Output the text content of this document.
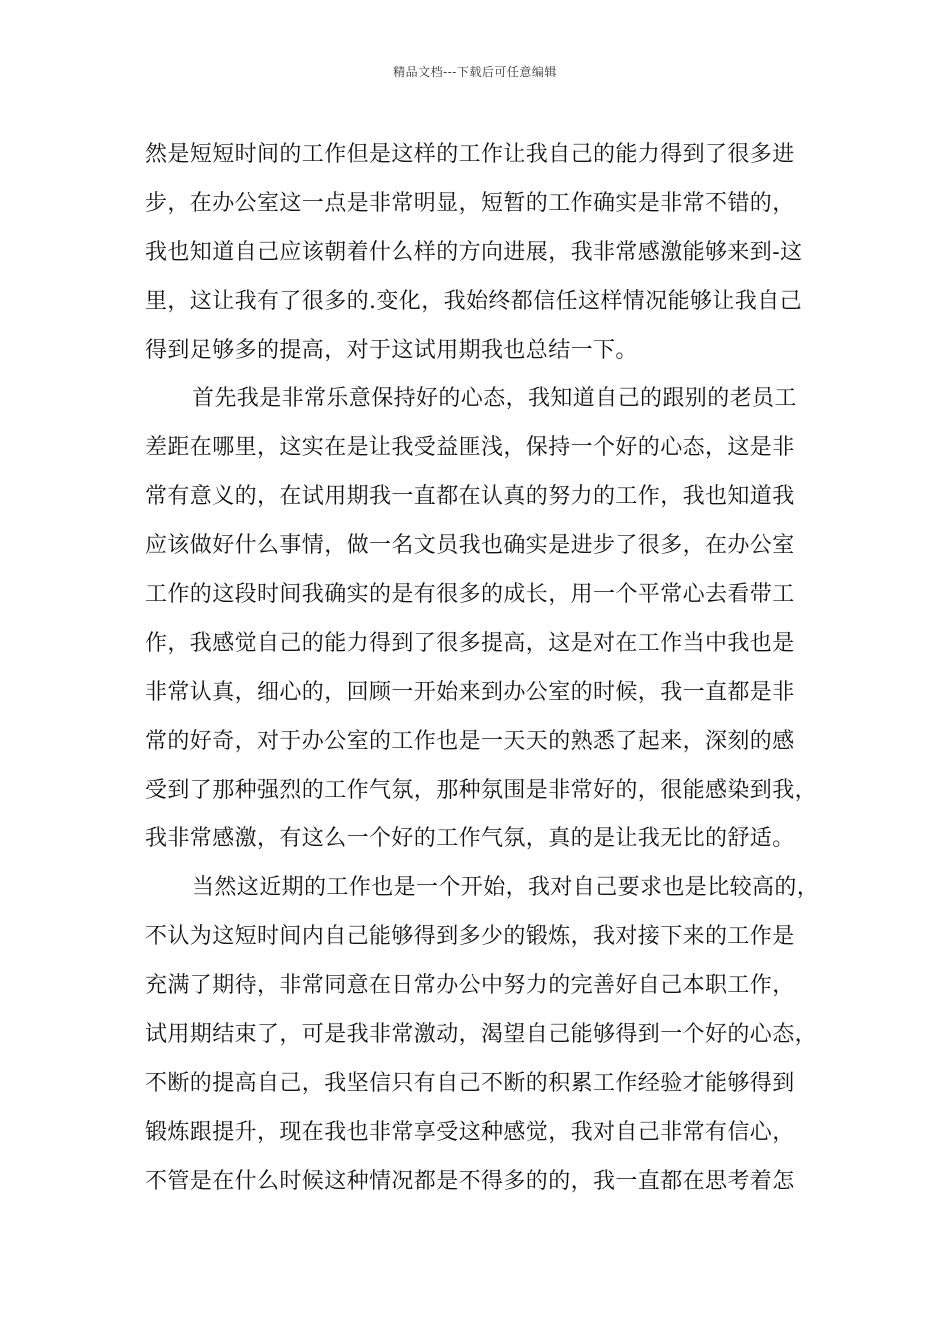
精品文档---下载后可任意编辑
然是短短时间的工作但是这样的工作让我自己的能力得到了很多进
步，在办公室这一点是非常明显，短暂的工作确实是非常不错的，
我也知道自己应该朝着什么样的方向进展，我非常感激能够来到-这
里，这让我有了很多的.变化，我始终都信任这样情况能够让我自己
得到足够多的提高，对于这试用期我也总结一下。
首先我是非常乐意保持好的心态，我知道自己的跟别的老员工
差距在哪里，这实在是让我受益匪浅，保持一个好的心态，这是非
常有意义的，在试用期我一直都在认真的努力的工作，我也知道我
应该做好什么事情，做一名文员我也确实是进步了很多，在办公室
工作的这段时间我确实的是有很多的成长，用一个平常心去看带工
作，我感觉自己的能力得到了很多提高，这是对在工作当中我也是
非常认真，细心的，回顾一开始来到办公室的时候，我一直都是非
常的好奇，对于办公室的工作也是一天天的熟悉了起来，深刻的感
受到了那种强烈的工作气氛，那种氛围是非常好的，很能感染到我，
我非常感激，有这么一个好的工作气氛，真的是让我无比的舒适。
当然这近期的工作也是一个开始，我对自己要求也是比较高的，
不认为这短时间内自己能够得到多少的锻炼，我对接下来的工作是
充满了期待，非常同意在日常办公中努力的完善好自己本职工作，
试用期结束了，可是我非常激动，渴望自己能够得到一个好的心态，
不断的提高自己，我坚信只有自己不断的积累工作经验才能够得到
锻炼跟提升，现在我也非常享受这种感觉，我对自己非常有信心，
不管是在什么时候这种情况都是不得多的的，我一直都在思考着怎
